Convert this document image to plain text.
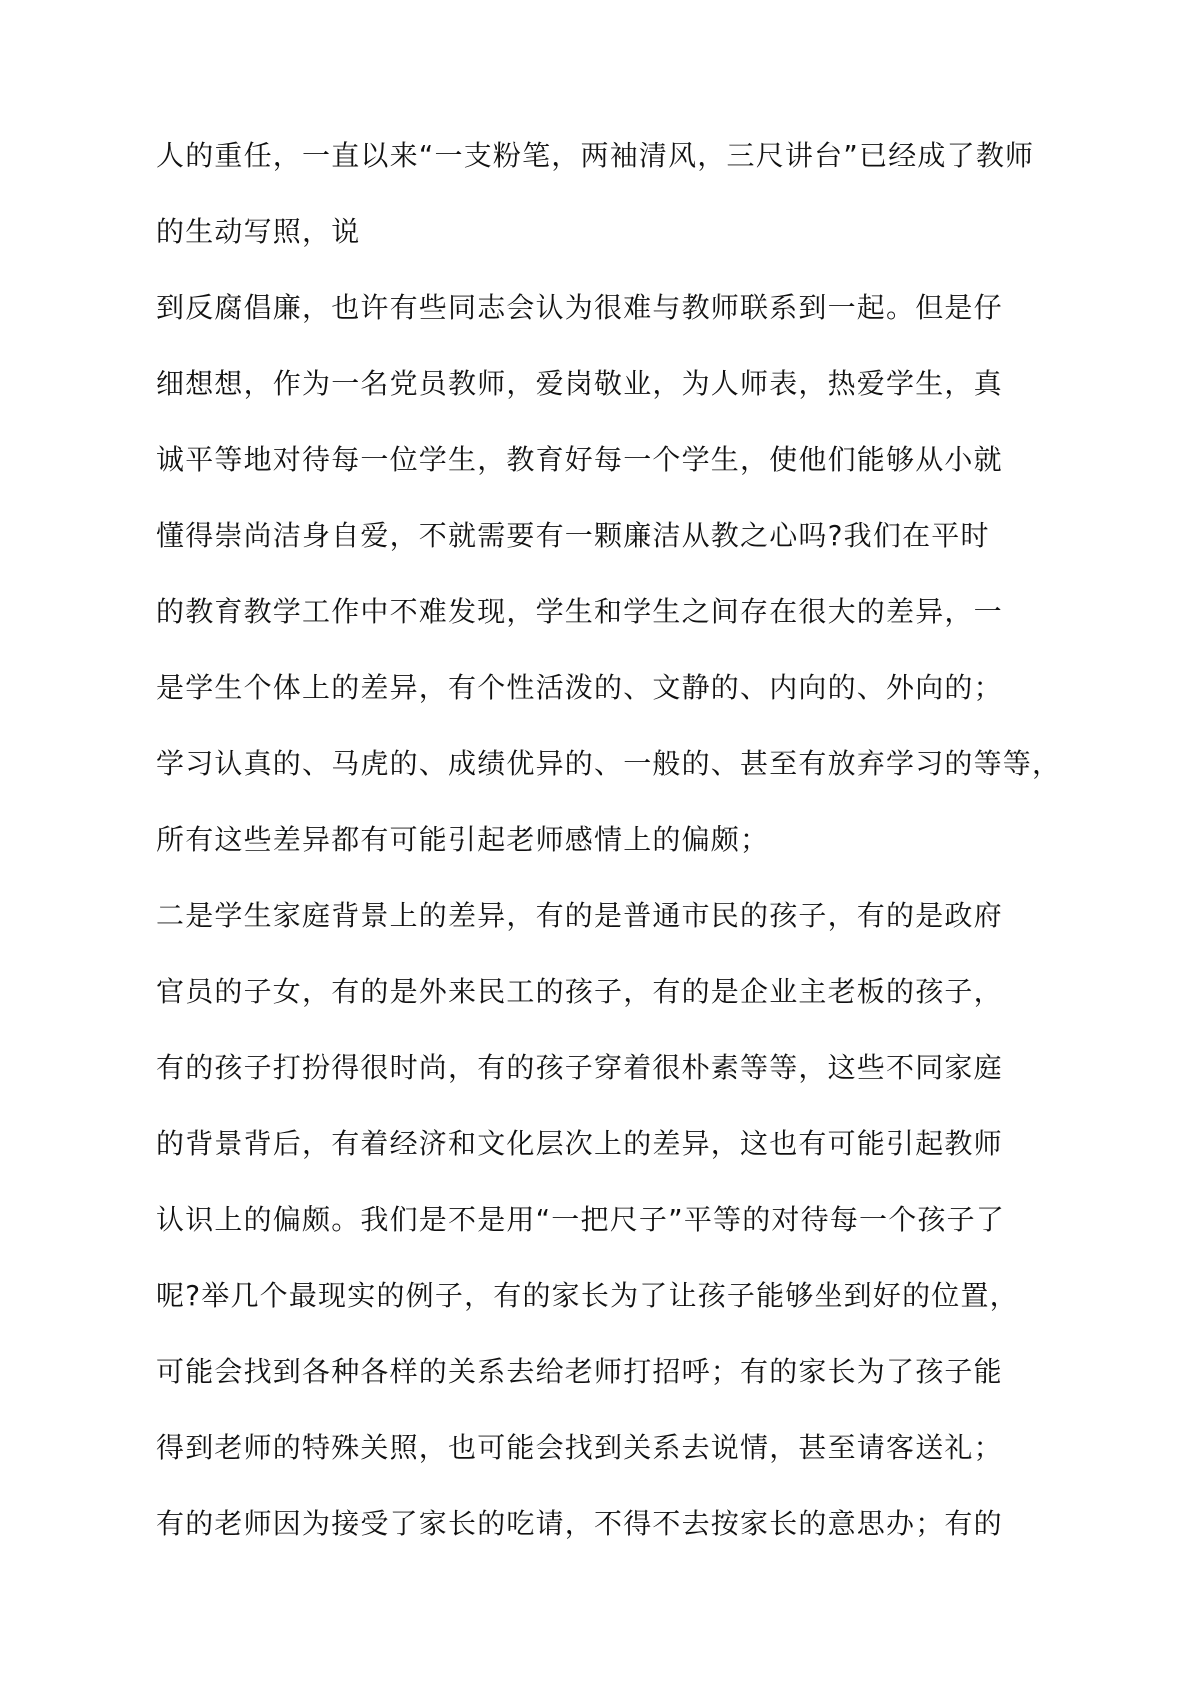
人的重任，一直以来“一支粉笔，两袖清风，三尺讲台”已经成了教师

的生动写照，说

到反腐倡廉，也许有些同志会认为很难与教师联系到一起。但是仔

细想想，作为一名党员教师，爱岗敬业，为人师表，热爱学生，真

诚平等地对待每一位学生，教育好每一个学生，使他们能够从小就

懂得崇尚洁身自爱，不就需要有一颗廉洁从教之心吗?我们在平时

的教育教学工作中不难发现，学生和学生之间存在很大的差异，一

是学生个体上的差异，有个性活泼的、文静的、内向的、外向的；

学习认真的、马虎的、成绩优异的、一般的、甚至有放弃学习的等等，

所有这些差异都有可能引起老师感情上的偏颇；

二是学生家庭背景上的差异，有的是普通市民的孩子，有的是政府

官员的子女，有的是外来民工的孩子，有的是企业主老板的孩子，

有的孩子打扮得很时尚，有的孩子穿着很朴素等等，这些不同家庭

的背景背后，有着经济和文化层次上的差异，这也有可能引起教师

认识上的偏颇。我们是不是用“一把尺子”平等的对待每一个孩子了

呢?举几个最现实的例子，有的家长为了让孩子能够坐到好的位置，

可能会找到各种各样的关系去给老师打招呼；有的家长为了孩子能

得到老师的特殊关照，也可能会找到关系去说情，甚至请客送礼；

有的老师因为接受了家长的吃请，不得不去按家长的意思办；有的
